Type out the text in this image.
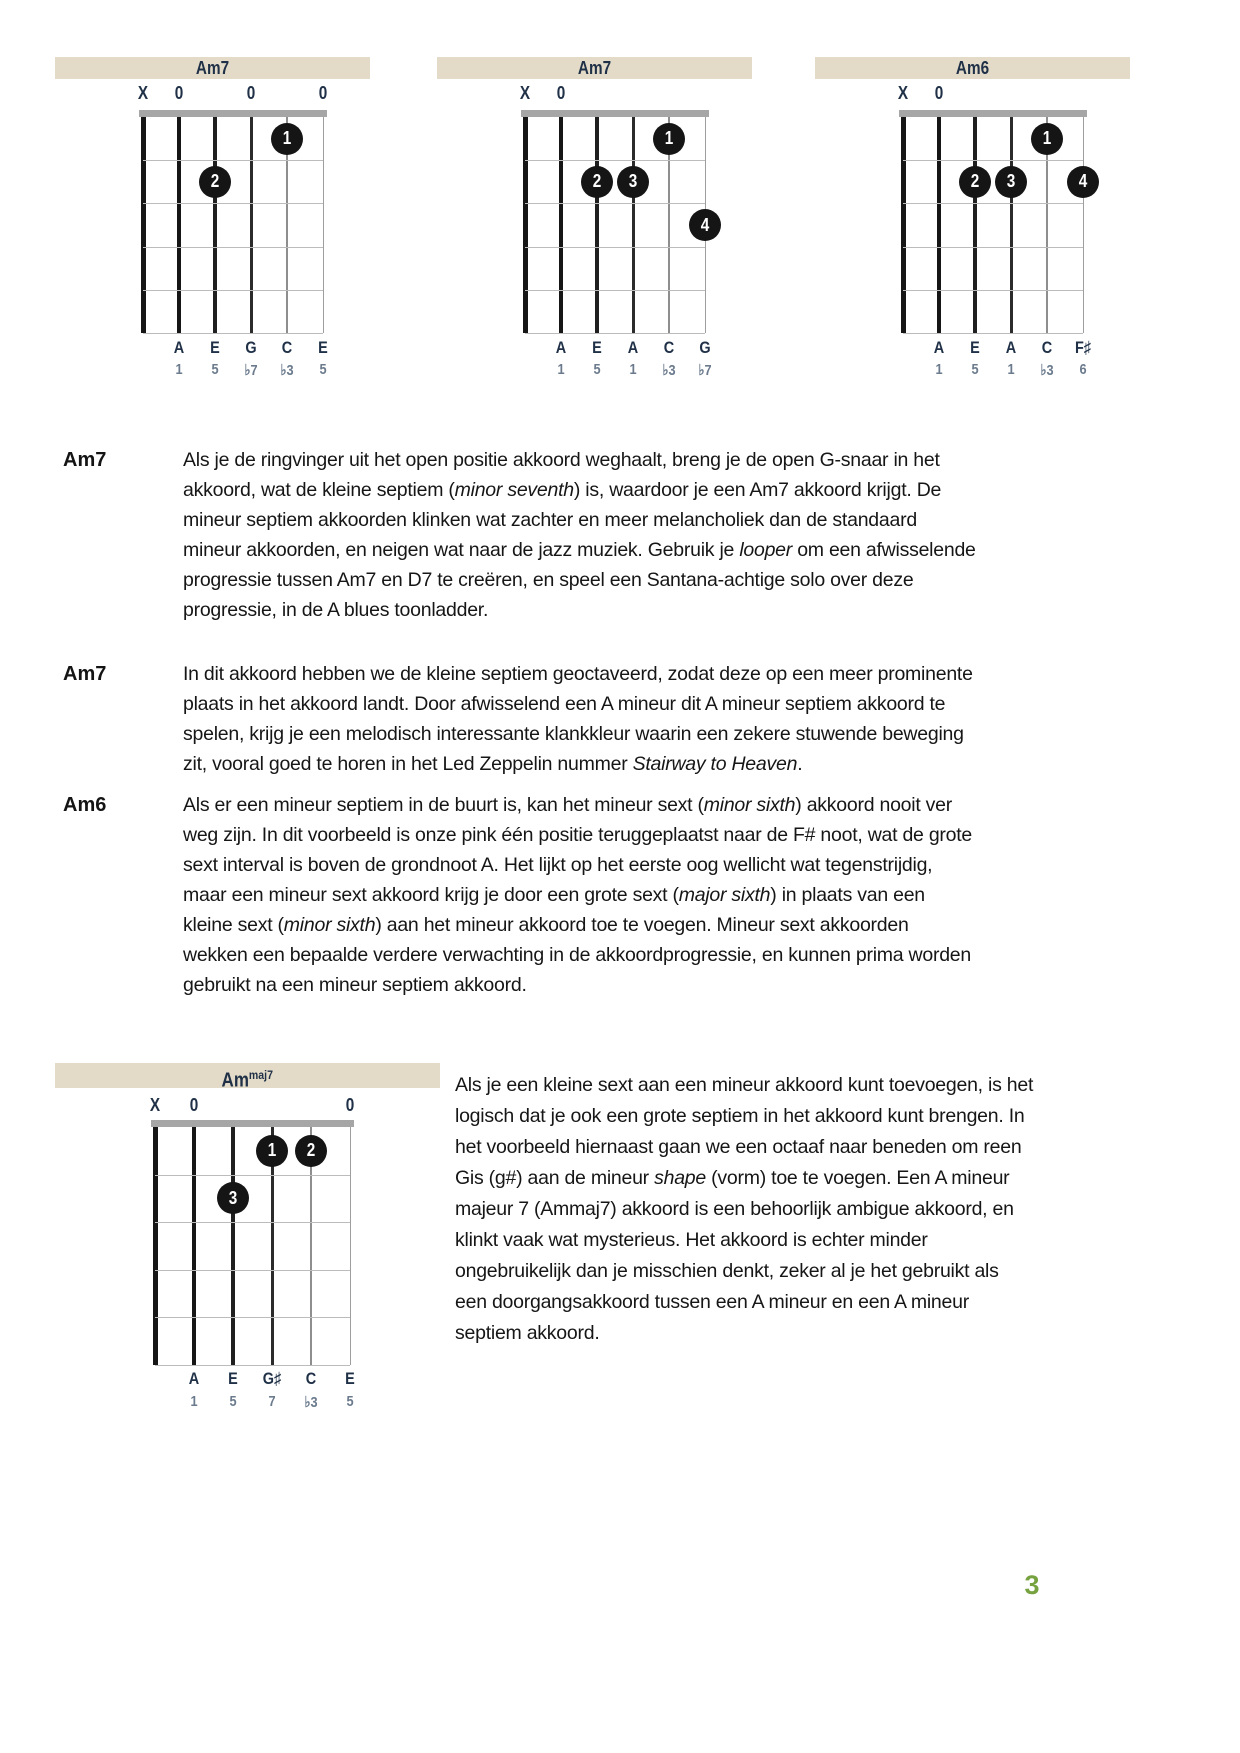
Am7
X 0	0	0
1
2
A E G C E
1 5 ♭7 ♭3 5
Am7
X 0
1
2 3
4
A E A C G
1 5 1 ♭3 ♭7
Am6
X 0
1
2 3	4
A E A C F♯
1 5 1 ♭3 6
Am7	Als je de ringvinger uit het open positie akkoord weghaalt, breng je de open G-snaar in het
akkoord, wat de kleine septiem (minor seventh) is, waardoor je een Am7 akkoord krijgt. De
mineur septiem akkoorden klinken wat zachter en meer melancholiek dan de standaard
mineur akkoorden, en neigen wat naar de jazz muziek. Gebruik je looper om een afwisselende
progressie tussen Am7 en D7 te creëren, en speel een Santana-achtige solo over deze
progressie, in de A blues toonladder.
Am7	In dit akkoord hebben we de kleine septiem geoctaveerd, zodat deze op een meer prominente
plaats in het akkoord landt. Door afwisselend een A mineur dit A mineur septiem akkoord te
spelen, krijg je een melodisch interessante klankkleur waarin een zekere stuwende beweging
zit, vooral goed te horen in het Led Zeppelin nummer Stairway to Heaven.
Am6	Als er een mineur septiem in de buurt is, kan het mineur sext (minor sixth) akkoord nooit ver
weg zijn. In dit voorbeeld is onze pink één positie teruggeplaatst naar de F# noot, wat de grote
sext interval is boven de grondnoot A. Het lijkt op het eerste oog wellicht wat tegenstrijdig,
maar een mineur sext akkoord krijg je door een grote sext (major sixth) in plaats van een
kleine sext (minor sixth) aan het mineur akkoord toe te voegen. Mineur sext akkoorden
wekken een bepaalde verdere verwachting in de akkoordprogressie, en kunnen prima worden
gebruikt na een mineur septiem akkoord.
$Am^{maj7}$
X 0	0
1 2
3
A E G♯ C E
1 5 7 ♭3 5
Als je een kleine sext aan een mineur akkoord kunt toevoegen, is het
logisch dat je ook een grote septiem in het akkoord kunt brengen. In
het voorbeeld hiernaast gaan we een octaaf naar beneden om reen
Gis (g#) aan de mineur shape (vorm) toe te voegen. Een A mineur
majeur 7 (Ammaj7) akkoord is een behoorlijk ambigue akkoord, en
klinkt vaak wat mysterieus. Het akkoord is echter minder
ongebruikelijk dan je misschien denkt, zeker al je het gebruikt als
een doorgangsakkoord tussen een A mineur en een A mineur
septiem akkoord.
3
